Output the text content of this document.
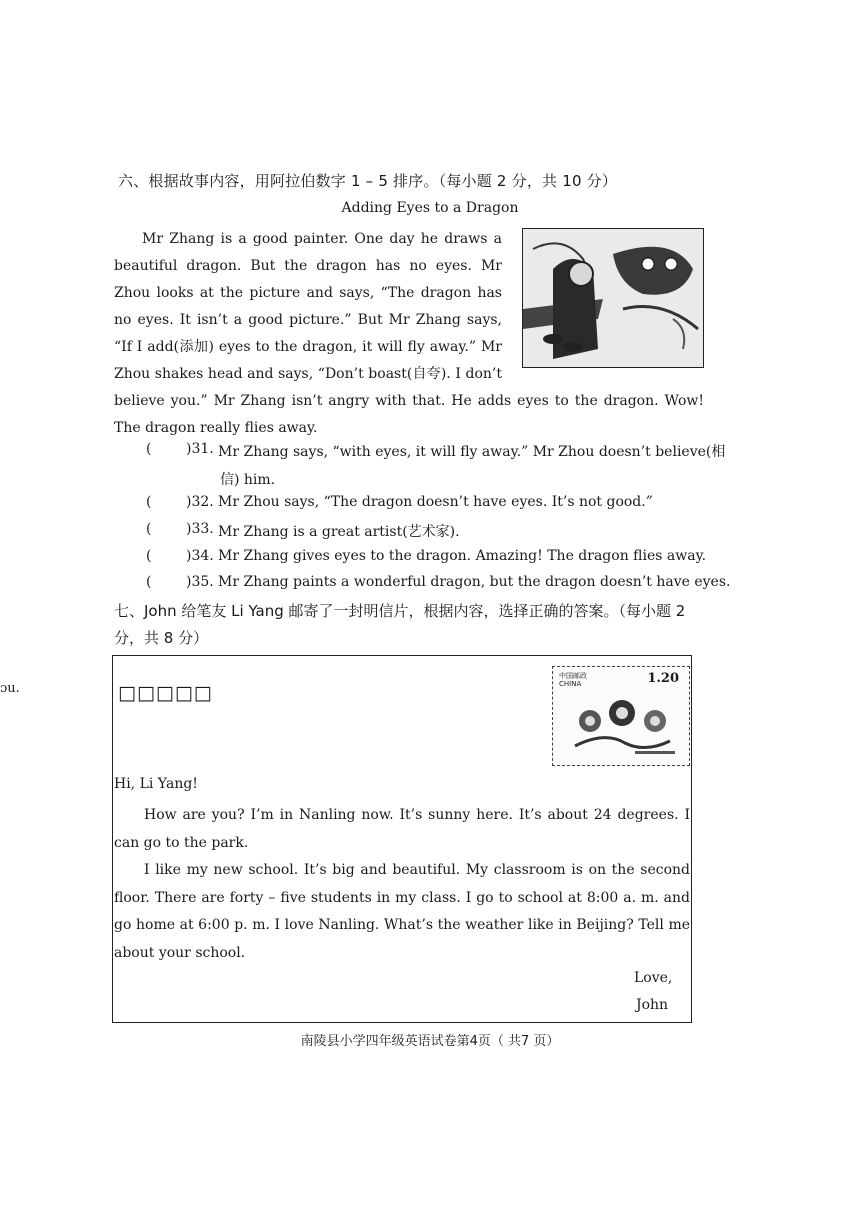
六、根据故事内容，用阿拉伯数字 1 – 5 排序。（每小题 2 分，共 10 分）
Adding Eyes to a Dragon
Mr Zhang is a good painter. One day he draws a beautiful dragon. But the dragon has no eyes. Mr Zhou looks at the picture and says, “The dragon has no eyes. It isn’t a good picture.” But Mr Zhang says, “If I add(添加) eyes to the dragon, it will fly away.” Mr Zhou shakes head and says, “Don’t boast(自夸). I don’t believe you.” Mr Zhang isn’t angry with that. He adds eyes to the dragon. Wow! The dragon really flies away.
( )31. Mr Zhang says, “with eyes, it will fly away.” Mr Zhou doesn’t believe(相
信) him.
( )32. Mr Zhou says, “The dragon doesn’t have eyes. It’s not good.”
( )33. Mr Zhang is a great artist(艺术家).
( )34. Mr Zhang gives eyes to the dragon. Amazing! The dragon flies away.
( )35. Mr Zhang paints a wonderful dragon, but the dragon doesn’t have eyes.
七、John 给笔友 Li Yang 邮寄了一封明信片，根据内容，选择正确的答案。（每小题 2 分，共 8 分）
ɔu.	□□□□□
中国邮政
CHINA	1.20
Hi, Li Yang!
How are you? I’m in Nanling now. It’s sunny here. It’s about 24 degrees. I can go to the park.
I like my new school. It’s big and beautiful. My classroom is on the second floor. There are forty – five students in my class. I go to school at 8:00 a. m. and go home at 6:00 p. m. I love Nanling. What’s the weather like in Beijing? Tell me about your school.
Love,
John
南陵县小学四年级英语试卷第4页（ 共7 页）
